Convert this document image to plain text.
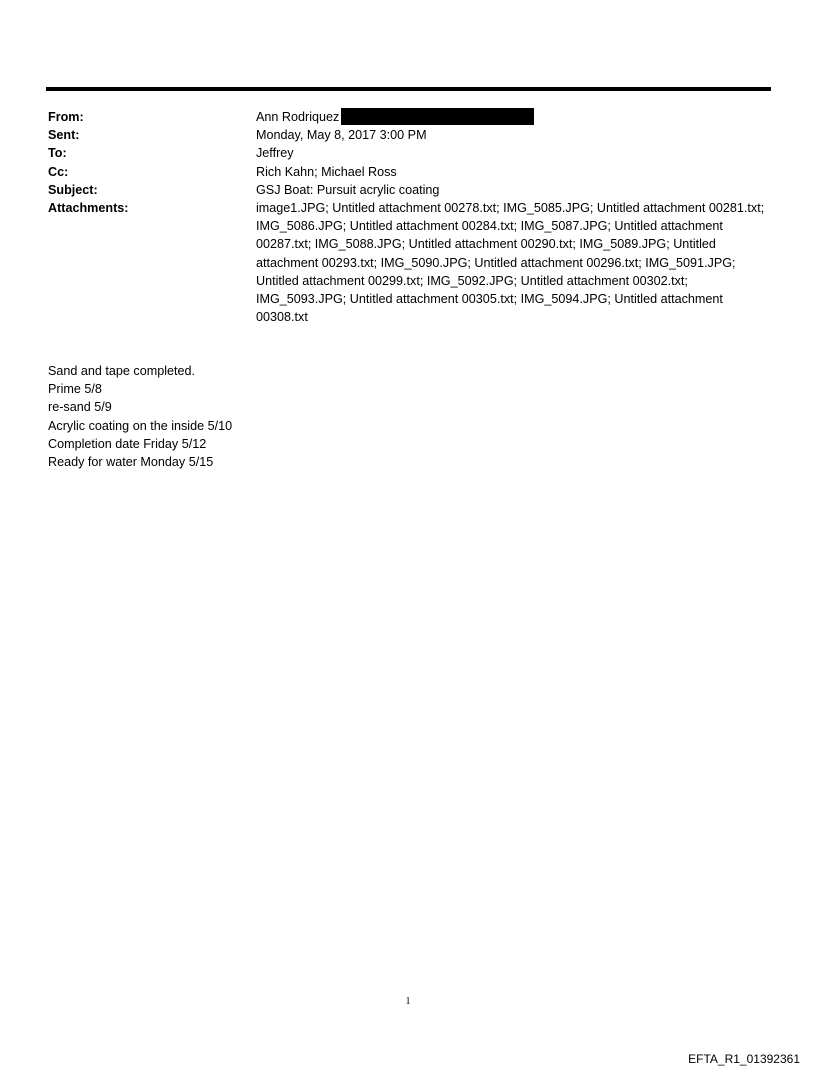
From:	Ann Rodriquez
Sent:	Monday, May 8, 2017 3:00 PM
To:	Jeffrey
Cc:	Rich Kahn; Michael Ross
Subject:	GSJ Boat: Pursuit acrylic coating
Attachments:	image1.JPG; Untitled attachment 00278.txt; IMG_5085.JPG; Untitled attachment 00281.txt; IMG_5086.JPG; Untitled attachment 00284.txt; IMG_5087.JPG; Untitled attachment 00287.txt; IMG_5088.JPG; Untitled attachment 00290.txt; IMG_5089.JPG; Untitled attachment 00293.txt; IMG_5090.JPG; Untitled attachment 00296.txt; IMG_5091.JPG; Untitled attachment 00299.txt; IMG_5092.JPG; Untitled attachment 00302.txt; IMG_5093.JPG; Untitled attachment 00305.txt; IMG_5094.JPG; Untitled attachment 00308.txt
Sand and tape completed.
Prime 5/8
re-sand 5/9
Acrylic coating on the inside 5/10
Completion date Friday 5/12
Ready for water Monday 5/15
1
EFTA_R1_01392361
